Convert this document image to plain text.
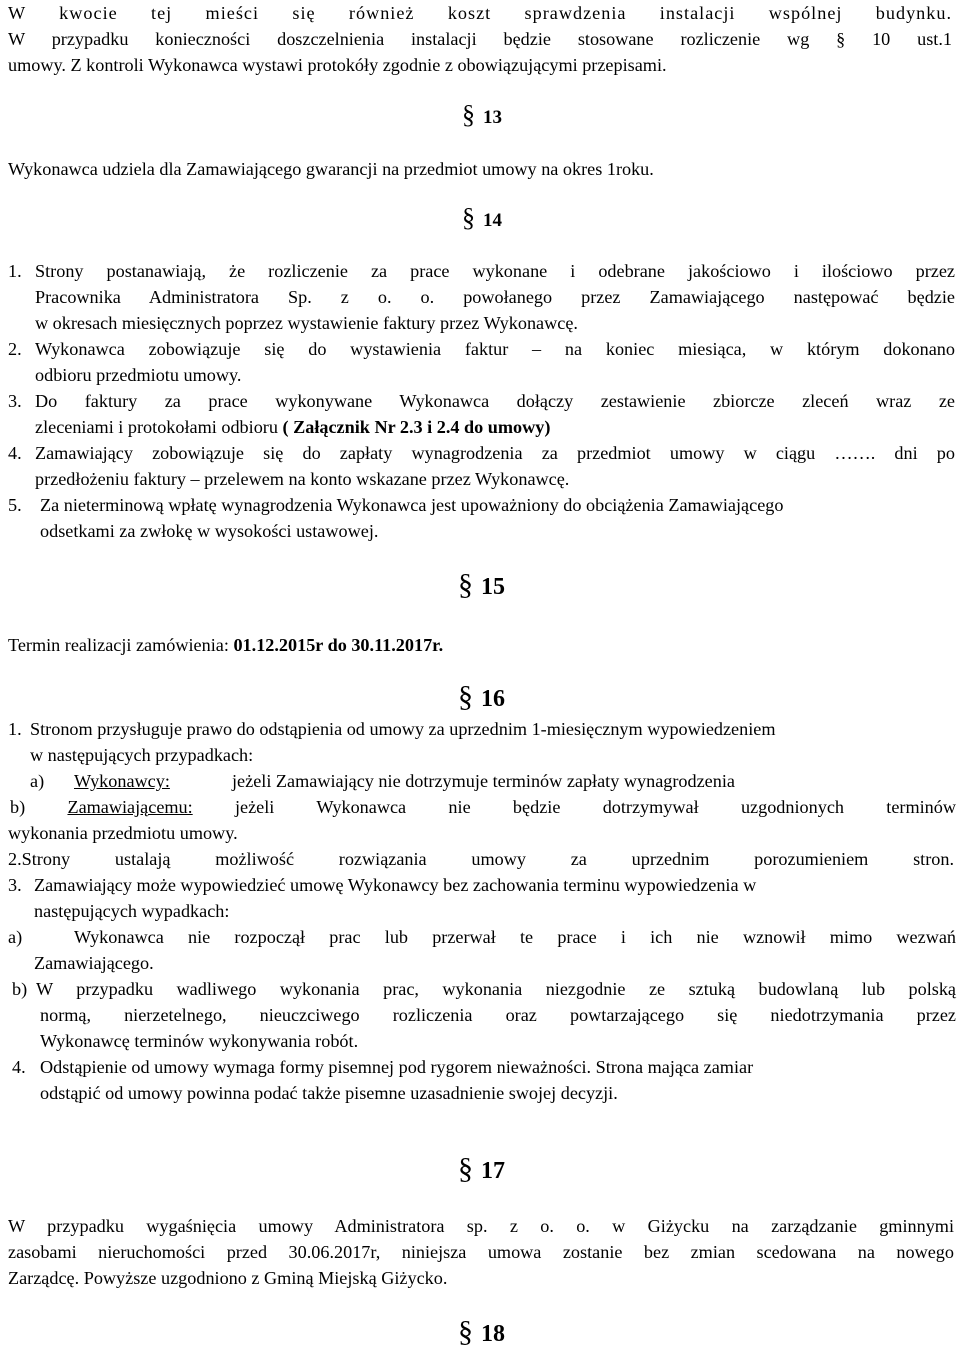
W kwocie tej mieści się również koszt sprawdzenia instalacji wspólnej budynku.
W przypadku konieczności doszczelnienia instalacji będzie stosowane rozliczenie wg § 10 ust.1
umowy. Z kontroli Wykonawca wystawi protokóły zgodnie z obowiązującymi przepisami.
§ 13
Wykonawca udziela dla Zamawiającego gwarancji na przedmiot umowy na okres 1roku.
§ 14
1. Strony postanawiają, że rozliczenie za prace wykonane i odebrane jakościowo i ilościowo przez
Pracownika Administratora Sp. z o. o. powołanego przez Zamawiającego następować będzie
w okresach miesięcznych poprzez wystawienie faktury przez Wykonawcę.
2. Wykonawca zobowiązuje się do wystawienia faktur – na koniec miesiąca, w którym dokonano
odbioru przedmiotu umowy.
3. Do faktury za prace wykonywane Wykonawca dołączy zestawienie zbiorcze zleceń wraz ze
zleceniami i protokołami odbioru ( Załącznik Nr 2.3 i 2.4 do umowy)
4. Zamawiający zobowiązuje się do zapłaty wynagrodzenia za przedmiot umowy w ciągu ……. dni po
przedłożeniu faktury – przelewem na konto wskazane przez Wykonawcę.
5. Za nieterminową wpłatę wynagrodzenia Wykonawca jest upoważniony do obciążenia Zamawiającego
odsetkami za zwłokę w wysokości ustawowej.
§ 15
Termin realizacji zamówienia: 01.12.2015r do 30.11.2017r.
§ 16
1. Stronom przysługuje prawo do odstąpienia od umowy za uprzednim 1-miesięcznym wypowiedzeniem
w następujących przypadkach:
a) Wykonawcy:	jeżeli Zamawiający nie dotrzymuje terminów zapłaty wynagrodzenia
b) Zamawiającemu: jeżeli Wykonawca nie będzie dotrzymywał uzgodnionych terminów
wykonania przedmiotu umowy.
2.Strony ustalają możliwość rozwiązania umowy za uprzednim porozumieniem stron.
3. Zamawiający może wypowiedzieć umowę Wykonawcy bez zachowania terminu wypowiedzenia w
następujących wypadkach:
a)	Wykonawca nie rozpoczął prac lub przerwał te prace i ich nie wznowił mimo wezwań
Zamawiającego.
b) W przypadku wadliwego wykonania prac, wykonania niezgodnie ze sztuką budowlaną lub polską
normą, nierzetelnego, nieuczciwego rozliczenia oraz powtarzającego się niedotrzymania przez
Wykonawcę terminów wykonywania robót.
4. Odstąpienie od umowy wymaga formy pisemnej pod rygorem nieważności. Strona mająca zamiar
odstąpić od umowy powinna podać także pisemne uzasadnienie swojej decyzji.
§ 17
W przypadku wygaśnięcia umowy Administratora sp. z o. o. w Giżycku na zarządzanie gminnymi
zasobami nieruchomości przed 30.06.2017r, niniejsza umowa zostanie bez zmian scedowana na nowego
Zarządcę. Powyższe uzgodniono z Gminą Miejską Giżycko.
§ 18
